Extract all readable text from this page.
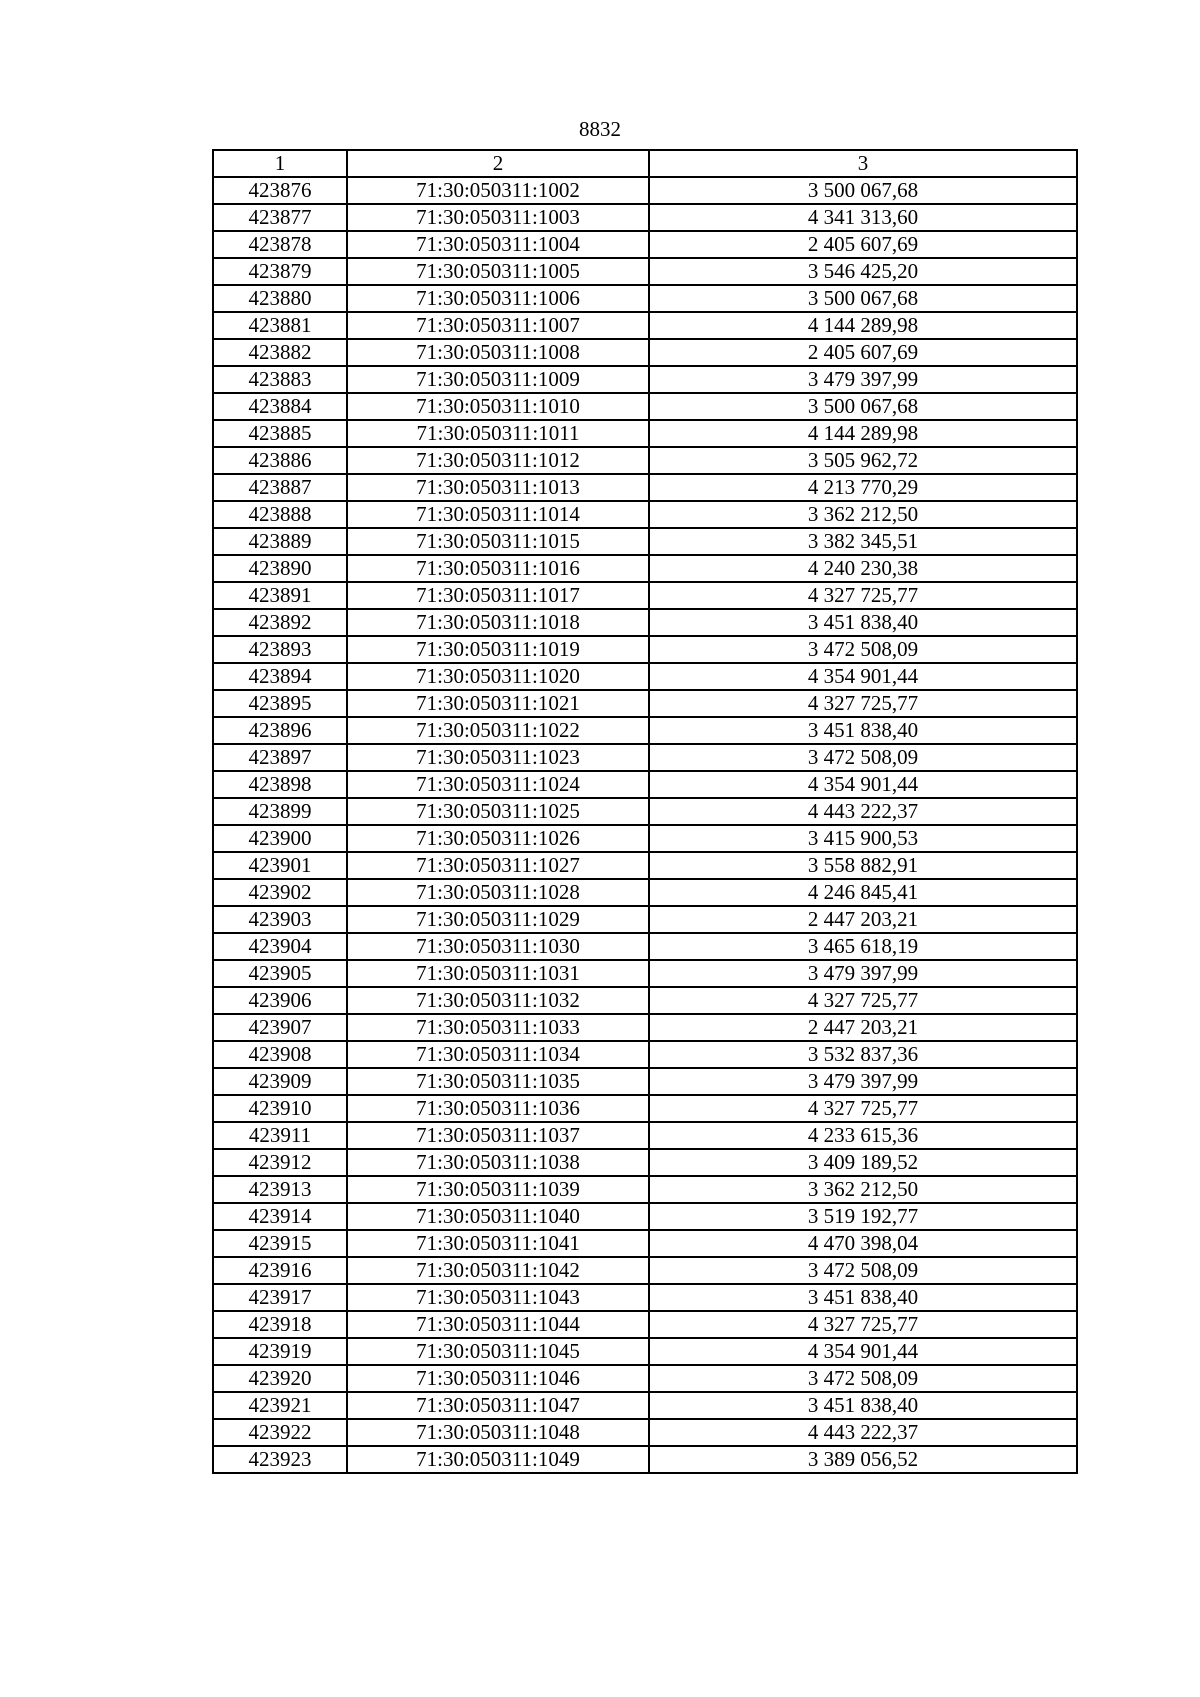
8832
1	2	3
423876	71:30:050311:1002	3 500 067,68
423877	71:30:050311:1003	4 341 313,60
423878	71:30:050311:1004	2 405 607,69
423879	71:30:050311:1005	3 546 425,20
423880	71:30:050311:1006	3 500 067,68
423881	71:30:050311:1007	4 144 289,98
423882	71:30:050311:1008	2 405 607,69
423883	71:30:050311:1009	3 479 397,99
423884	71:30:050311:1010	3 500 067,68
423885	71:30:050311:1011	4 144 289,98
423886	71:30:050311:1012	3 505 962,72
423887	71:30:050311:1013	4 213 770,29
423888	71:30:050311:1014	3 362 212,50
423889	71:30:050311:1015	3 382 345,51
423890	71:30:050311:1016	4 240 230,38
423891	71:30:050311:1017	4 327 725,77
423892	71:30:050311:1018	3 451 838,40
423893	71:30:050311:1019	3 472 508,09
423894	71:30:050311:1020	4 354 901,44
423895	71:30:050311:1021	4 327 725,77
423896	71:30:050311:1022	3 451 838,40
423897	71:30:050311:1023	3 472 508,09
423898	71:30:050311:1024	4 354 901,44
423899	71:30:050311:1025	4 443 222,37
423900	71:30:050311:1026	3 415 900,53
423901	71:30:050311:1027	3 558 882,91
423902	71:30:050311:1028	4 246 845,41
423903	71:30:050311:1029	2 447 203,21
423904	71:30:050311:1030	3 465 618,19
423905	71:30:050311:1031	3 479 397,99
423906	71:30:050311:1032	4 327 725,77
423907	71:30:050311:1033	2 447 203,21
423908	71:30:050311:1034	3 532 837,36
423909	71:30:050311:1035	3 479 397,99
423910	71:30:050311:1036	4 327 725,77
423911	71:30:050311:1037	4 233 615,36
423912	71:30:050311:1038	3 409 189,52
423913	71:30:050311:1039	3 362 212,50
423914	71:30:050311:1040	3 519 192,77
423915	71:30:050311:1041	4 470 398,04
423916	71:30:050311:1042	3 472 508,09
423917	71:30:050311:1043	3 451 838,40
423918	71:30:050311:1044	4 327 725,77
423919	71:30:050311:1045	4 354 901,44
423920	71:30:050311:1046	3 472 508,09
423921	71:30:050311:1047	3 451 838,40
423922	71:30:050311:1048	4 443 222,37
423923	71:30:050311:1049	3 389 056,52
